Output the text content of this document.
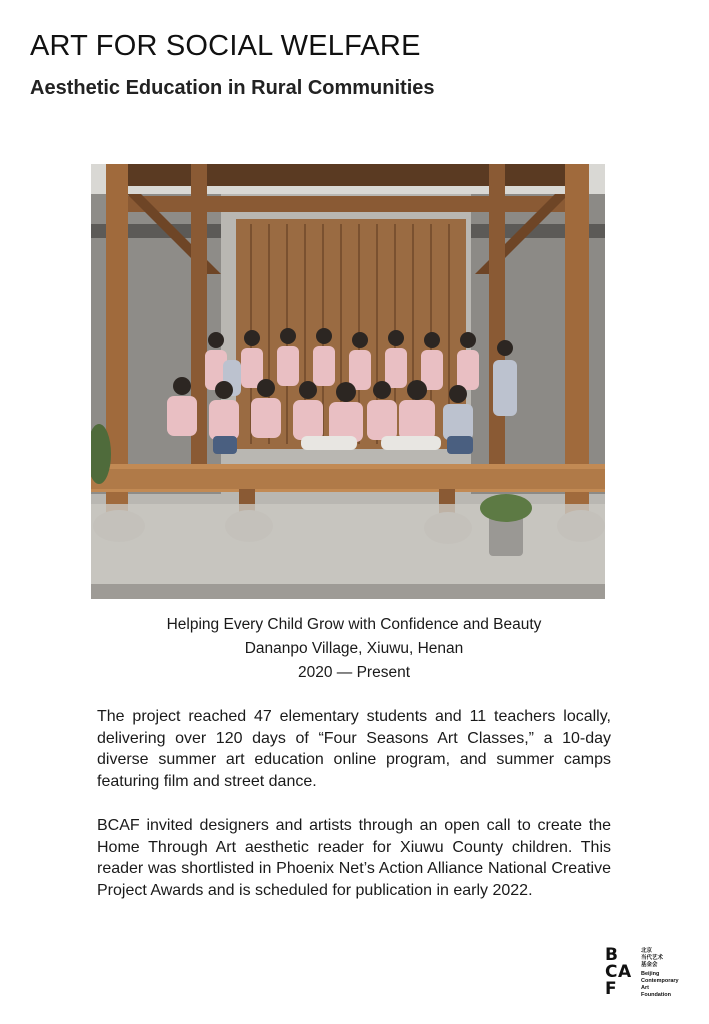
ART FOR SOCIAL WELFARE
Aesthetic Education in Rural Communities
Helping Every Child Grow with Confidence and Beauty
Dananpo Village, Xiuwu, Henan
2020 — Present

The project reached 47 elementary students and 11 teachers locally, delivering over 120 days of “Four Seasons Art Classes,” a 10-day diverse summer art education online program, and summer camps featuring film and street dance.

BCAF invited designers and artists through an open call to create the Home Through Art aesthetic reader for Xiuwu County children. This reader was shortlisted in Phoenix Net’s Action Alliance National Creative Project Awards and is scheduled for publication in early 2022.

B
C A
F
北京
当代艺术
基金会
Beijing
Contemporary
Art
Foundation
